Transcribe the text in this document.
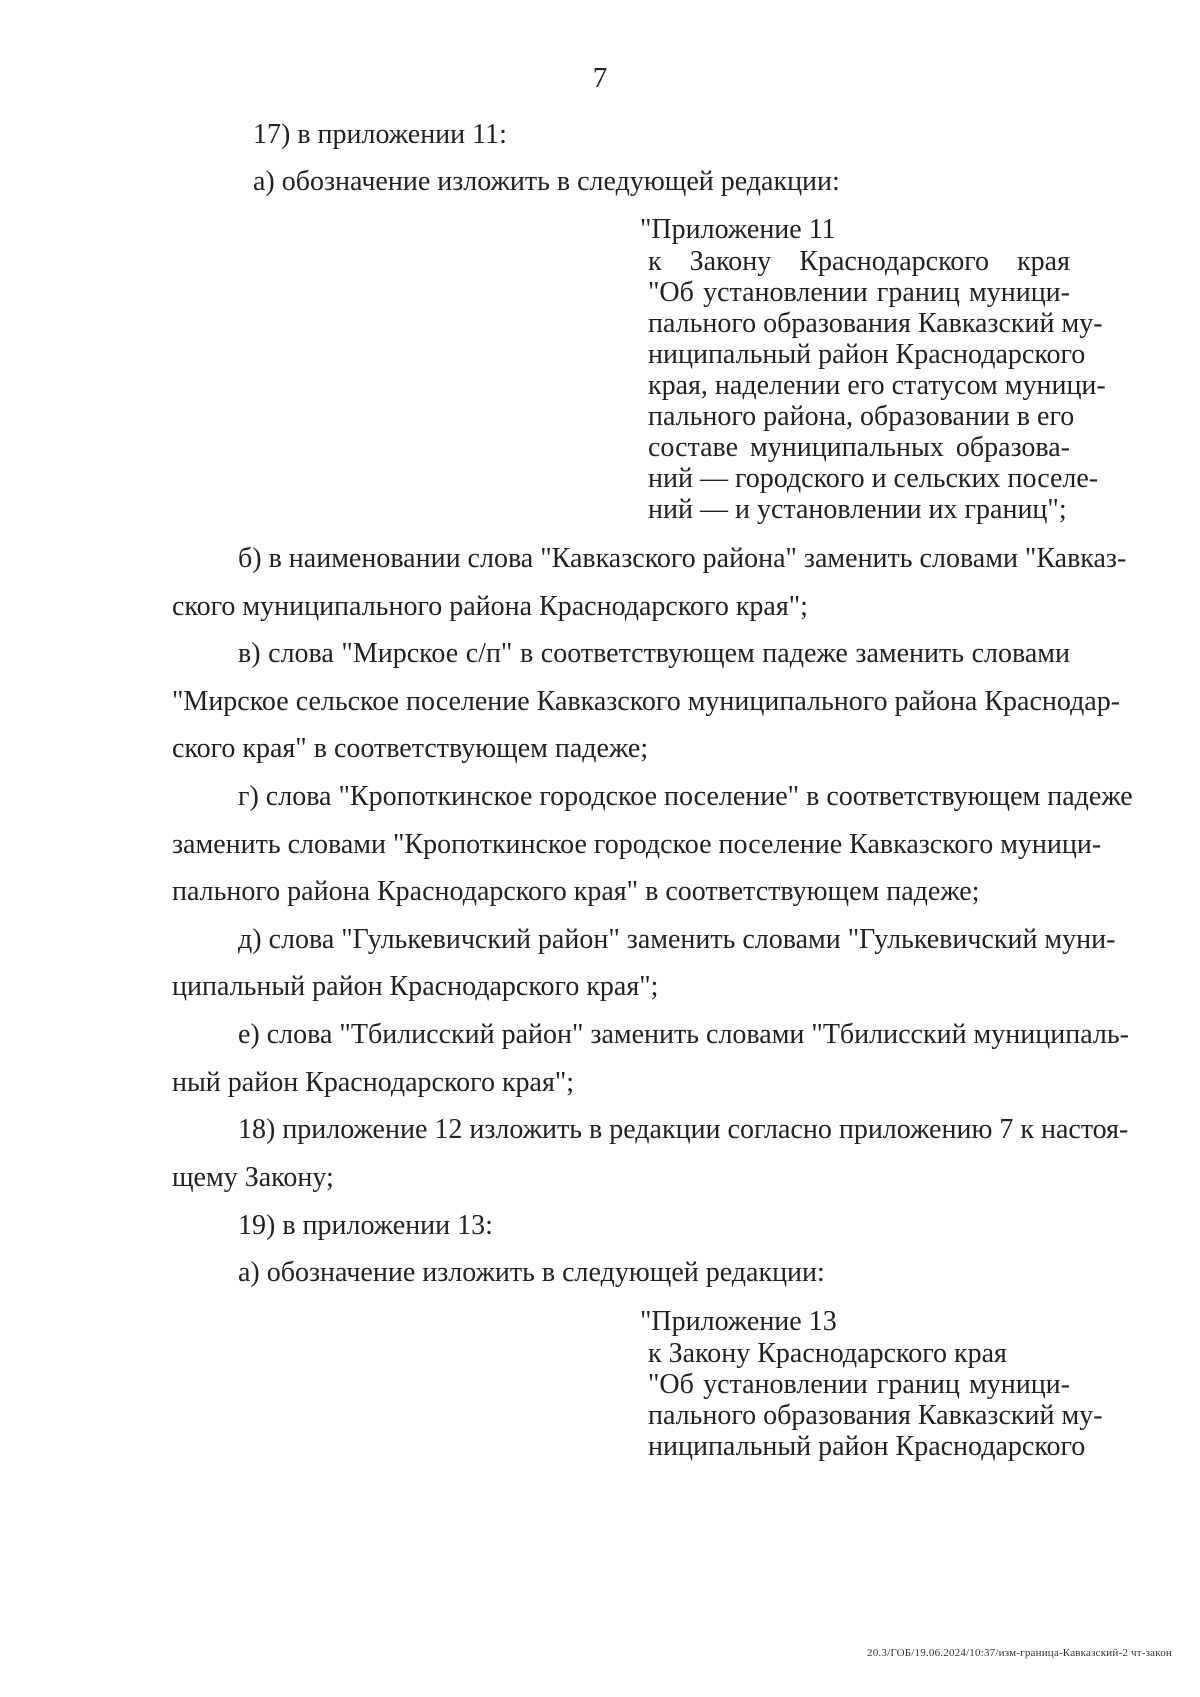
7
17) в приложении 11:
а) обозначение изложить в следующей редакции:
"Приложение 11
к Закону Краснодарского края
"Об установлении границ муници-
пального образования Кавказский му-
ниципальный район Краснодарского
края, наделении его статусом муници-
пального района, образовании в его
составе муниципальных образова-
ний — городского и сельских поселе-
ний — и установлении их границ";
б) в наименовании слова "Кавказского района" заменить словами "Кавказ-
ского муниципального района Краснодарского края";
в) слова "Мирское с/п" в соответствующем падеже заменить словами
"Мирское сельское поселение Кавказского муниципального района Краснодар-
ского края" в соответствующем падеже;
г) слова "Кропоткинское городское поселение" в соответствующем падеже
заменить словами "Кропоткинское городское поселение Кавказского муници-
пального района Краснодарского края" в соответствующем падеже;
д) слова "Гулькевичский район" заменить словами "Гулькевичский муни-
ципальный район Краснодарского края";
е) слова "Тбилисский район" заменить словами "Тбилисский муниципаль-
ный район Краснодарского края";
18) приложение 12 изложить в редакции согласно приложению 7 к настоя-
щему Закону;
19) в приложении 13:
а) обозначение изложить в следующей редакции:
"Приложение 13
к Закону Краснодарского края
"Об установлении границ муници-
пального образования Кавказский му-
ниципальный район Краснодарского
20.3/ГОБ/19.06.2024/10:37/изм-граница-Кавказский-2 чт-закон
